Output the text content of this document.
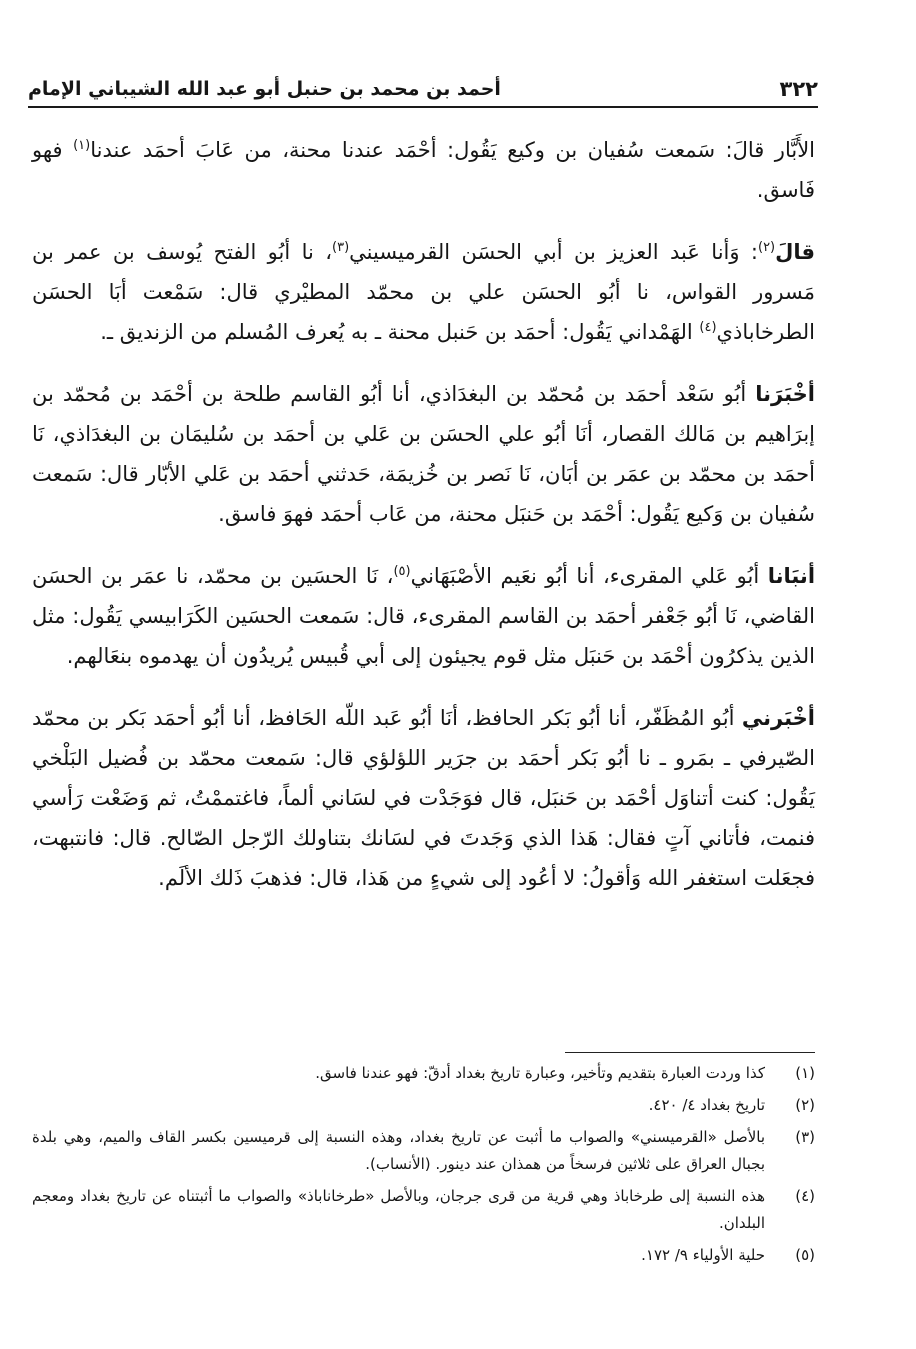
٣٢٢
أحمد بن محمد بن حنبل أبو عبد الله الشيباني الإمام

الأَبَّار قالَ: سَمعت سُفيان بن وكيع يَقُول: أحْمَد عندنا محنة، من عَابَ أحمَد عندنا$^{(١)}$ فهو فَاسق.

قالَ$^{(٢)}$: وَأنا عَبد العزيز بن أبي الحسَن القرميسيني$^{(٣)}$، نا أبُو الفتح يُوسف بن عمر بن مَسرور القواس، نا أبُو الحسَن علي بن محمّد المطيْري قال: سَمْعت أبَا الحسَن الطرخاباذي$^{(٤)}$ الهَمْداني يَقُول: أحمَد بن حَنبل محنة ـ به يُعرف المُسلم من الزنديق ـ.

أخْبَرَنا أبُو سَعْد أحمَد بن مُحمّد بن البغدَاذي، أنا أبُو القاسم طلحة بن أحْمَد بن مُحمّد بن إبرَاهيم بن مَالك القصار، أنَا أبُو علي الحسَن بن عَلي بن أحمَد بن سُليمَان بن البغدَاذي، نَا أحمَد بن محمّد بن عمَر بن أبَان، نَا نَصر بن خُزيمَة، حَدثني أحمَد بن عَلي الأبّار قال: سَمعت سُفيان بن وَكيع يَقُول: أحْمَد بن حَنبَل محنة، من عَاب أحمَد فهوَ فاسق.

أنبَانا أبُو عَلي المقرىء، أنا أبُو نعَيم الأصْبَهَاني$^{(٥)}$، نَا الحسَين بن محمّد، نا عمَر بن الحسَن القاضي، نَا أبُو جَعْفر أحمَد بن القاسم المقرىء، قال: سَمعت الحسَين الكَرَابيسي يَقُول: مثل الذين يذكرُون أحْمَد بن حَنبَل مثل قوم يجيئون إلى أبي قُبيس يُريدُون أن يهدموه بنعَالهم.

أخْبَرني أبُو المُظَفّر، أنا أبُو بَكر الحافظ، أنَا أبُو عَبد اللّه الحَافظ، أنا أبُو أحمَد بَكر بن محمّد الصّيرفي ـ بمَرو ـ نا أبُو بَكر أحمَد بن جرَير اللؤلؤي قال: سَمعت محمّد بن فُضيل البَلْخي يَقُول: كنت أتناوَل أحْمَد بن حَنبَل، قال فوَجَدْت في لسَاني ألماً، فاغتممْتُ، ثم وَضَعْت رَأسي فنمت، فأتاني آتٍ فقال: هَذا الذي وَجَدتَ في لسَانك بتناولك الرّجل الصّالح. قال: فانتبهت، فجعَلت استغفر الله وَأقولُ: لا أعُود إلى شيءٍ من هَذا، قال: فذهبَ ذَلك الألَم.

(١)
كذا وردت العبارة بتقديم وتأخير، وعبارة تاريخ بغداد أدقّ: فهو عندنا فاسق.
(٢)
تاريخ بغداد ٤/ ٤٢٠.
(٣)
بالأصل «القرميسني» والصواب ما أثبت عن تاريخ بغداد، وهذه النسبة إلى قرميسين بكسر القاف والميم، وهي بلدة بجبال العراق على ثلاثين فرسخاً من همذان عند دينور. (الأنساب).
(٤)
هذه النسبة إلى طرخاباذ وهي قرية من قرى جرجان، وبالأصل «طرخاناباذ» والصواب ما أثبتناه عن تاريخ بغداد ومعجم البلدان.
(٥)
حلية الأولياء ٩/ ١٧٢.
